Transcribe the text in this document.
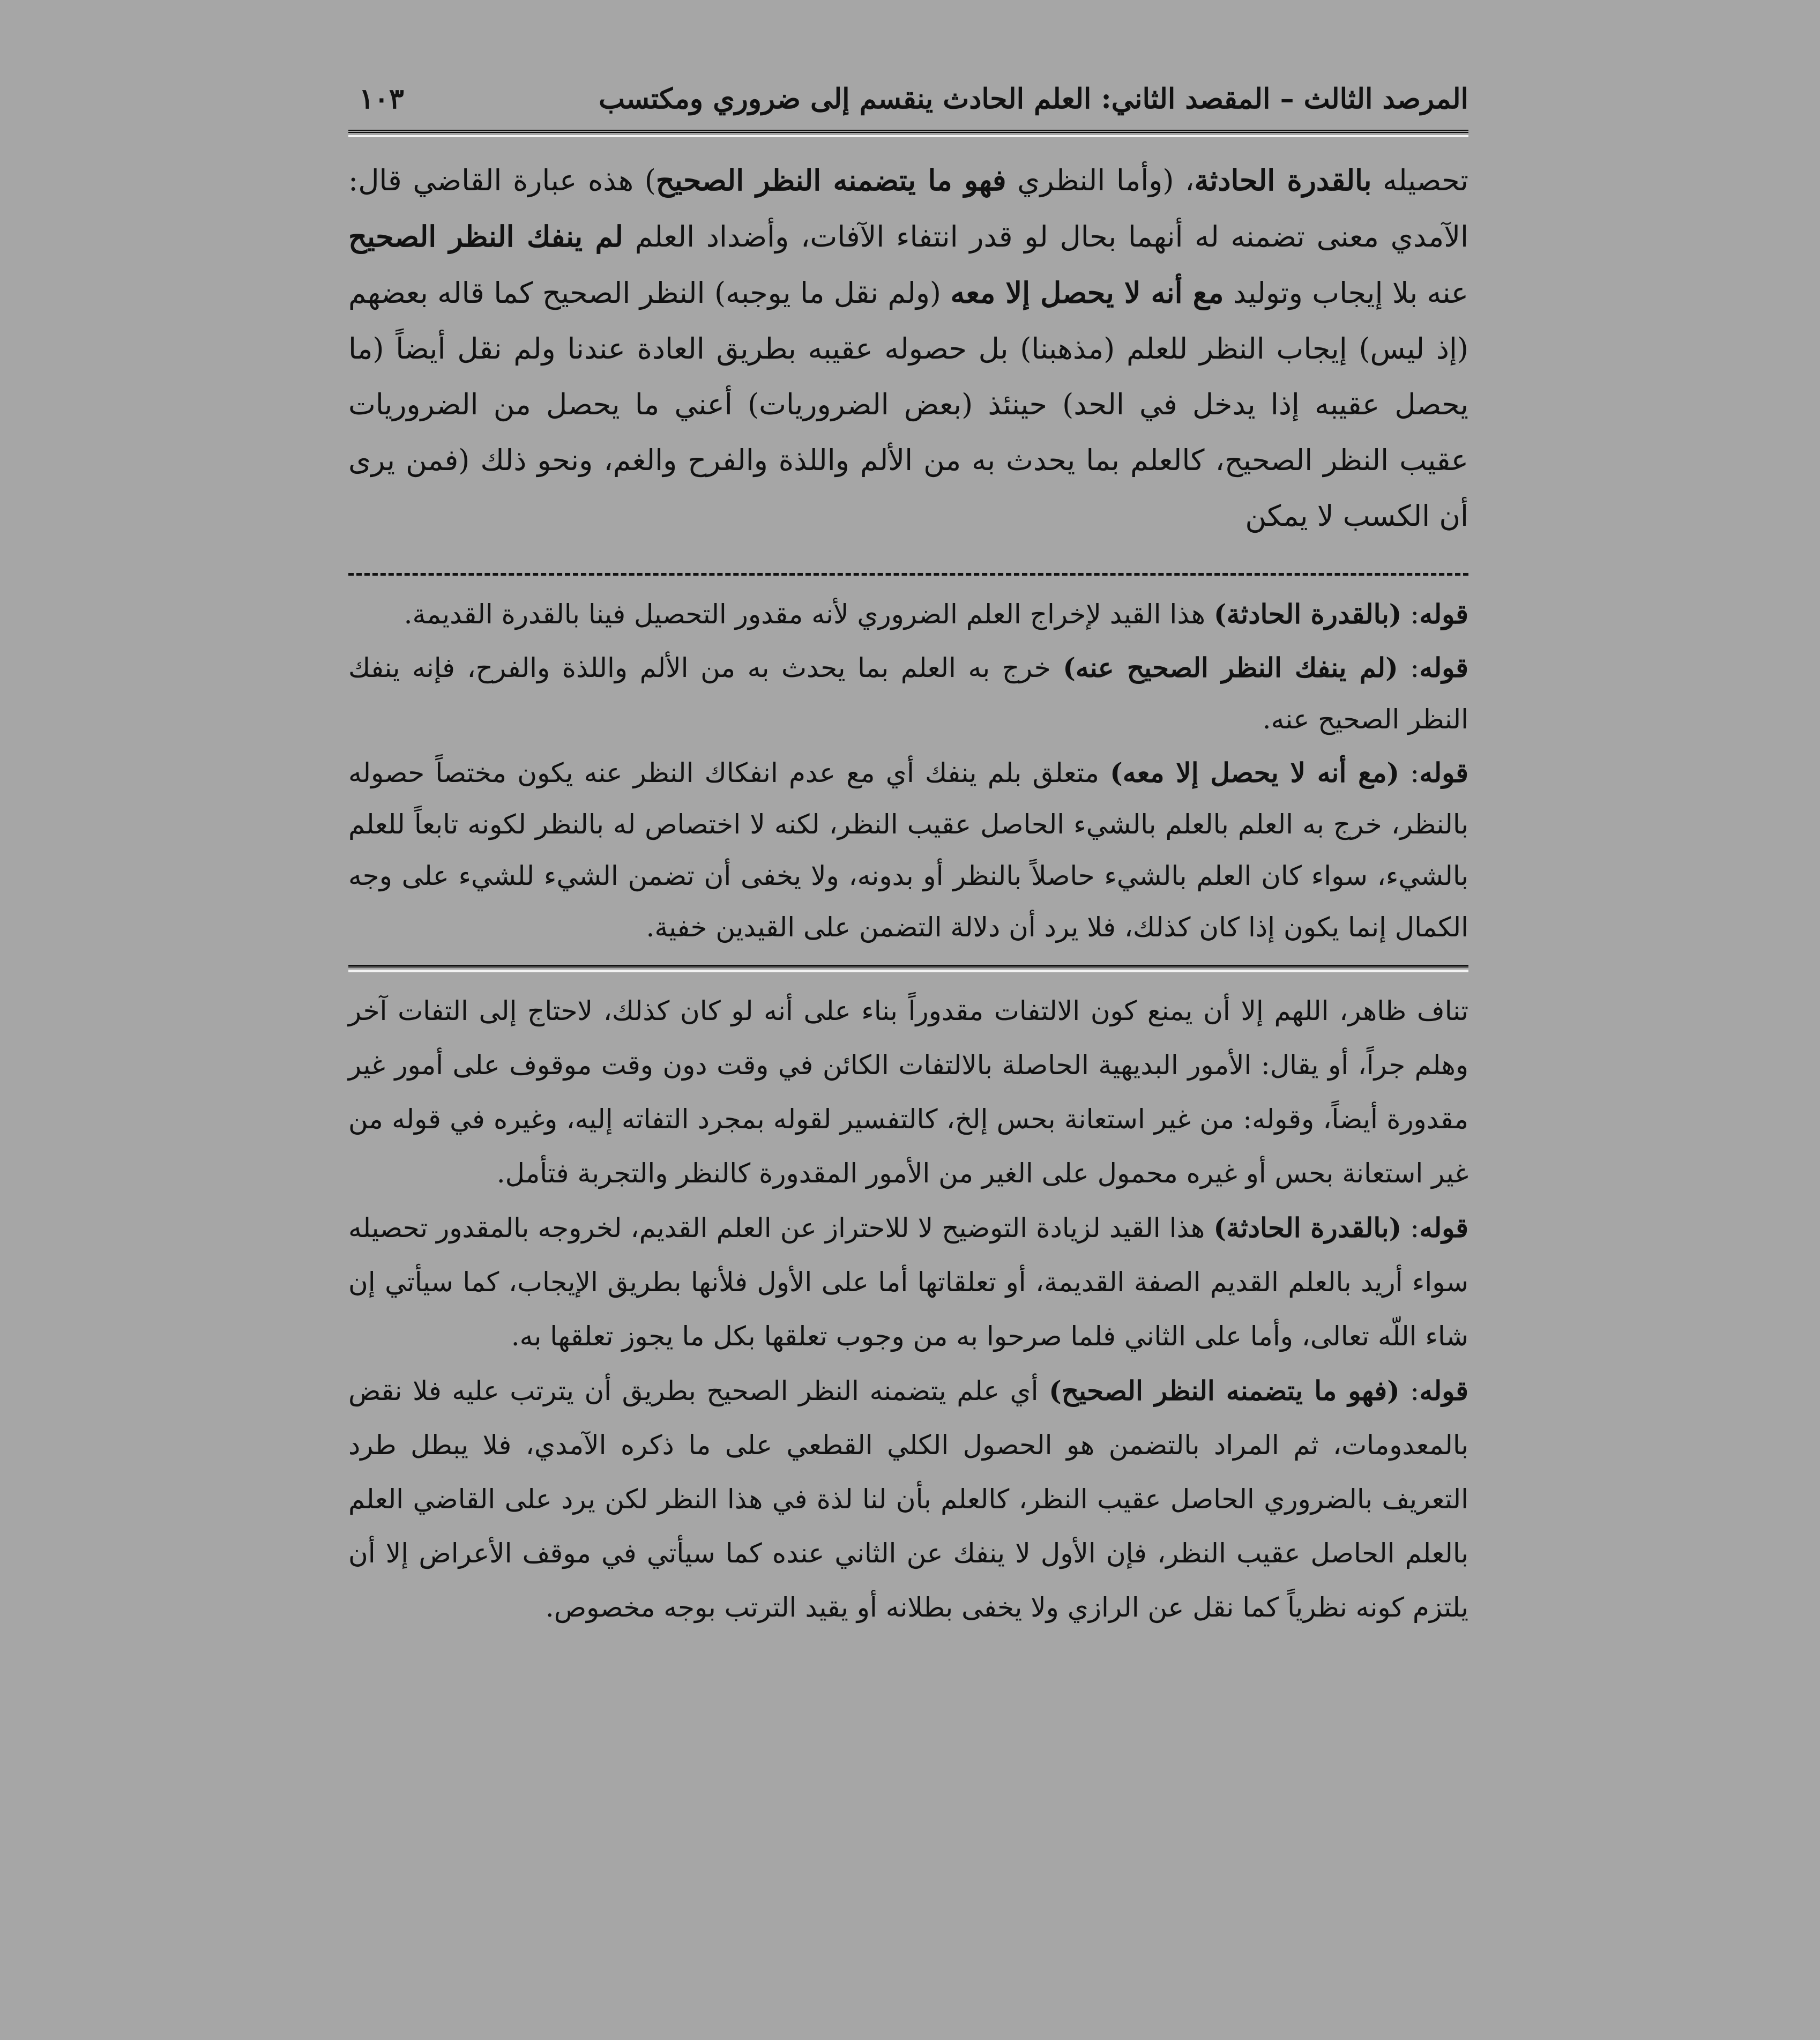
المرصد الثالث – المقصد الثاني: العلم الحادث ينقسم إلى ضروري ومكتسب
١٠٣

تحصيله بالقدرة الحادثة، (وأما النظري فهو ما يتضمنه النظر الصحيح) هذه عبارة القاضي قال: الآمدي معنى تضمنه له أنهما بحال لو قدر انتفاء الآفات، وأضداد العلم لم ينفك النظر الصحيح عنه بلا إيجاب وتوليد مع أنه لا يحصل إلا معه (ولم نقل ما يوجبه) النظر الصحيح كما قاله بعضهم (إذ ليس) إيجاب النظر للعلم (مذهبنا) بل حصوله عقيبه بطريق العادة عندنا ولم نقل أيضاً (ما يحصل عقيبه إذا يدخل في الحد) حينئذ (بعض الضروريات) أعني ما يحصل من الضروريات عقيب النظر الصحيح، كالعلم بما يحدث به من الألم واللذة والفرح والغم، ونحو ذلك (فمن يرى أن الكسب لا يمكن

قوله: (بالقدرة الحادثة) هذا القيد لإخراج العلم الضروري لأنه مقدور التحصيل فينا بالقدرة القديمة.

قوله: (لم ينفك النظر الصحيح عنه) خرج به العلم بما يحدث به من الألم واللذة والفرح، فإنه ينفك النظر الصحيح عنه.

قوله: (مع أنه لا يحصل إلا معه) متعلق بلم ينفك أي مع عدم انفكاك النظر عنه يكون مختصاً حصوله بالنظر، خرج به العلم بالعلم بالشيء الحاصل عقيب النظر، لكنه لا اختصاص له بالنظر لكونه تابعاً للعلم بالشيء، سواء كان العلم بالشيء حاصلاً بالنظر أو بدونه، ولا يخفى أن تضمن الشيء للشيء على وجه الكمال إنما يكون إذا كان كذلك، فلا يرد أن دلالة التضمن على القيدين خفية.

تناف ظاهر، اللهم إلا أن يمنع كون الالتفات مقدوراً بناء على أنه لو كان كذلك، لاحتاج إلى التفات آخر وهلم جراً، أو يقال: الأمور البديهية الحاصلة بالالتفات الكائن في وقت دون وقت موقوف على أمور غير مقدورة أيضاً، وقوله: من غير استعانة بحس إلخ، كالتفسير لقوله بمجرد التفاته إليه، وغيره في قوله من غير استعانة بحس أو غيره محمول على الغير من الأمور المقدورة كالنظر والتجربة فتأمل.

قوله: (بالقدرة الحادثة) هذا القيد لزيادة التوضيح لا للاحتراز عن العلم القديم، لخروجه بالمقدور تحصيله سواء أريد بالعلم القديم الصفة القديمة، أو تعلقاتها أما على الأول فلأنها بطريق الإيجاب، كما سيأتي إن شاء اللّه تعالى، وأما على الثاني فلما صرحوا به من وجوب تعلقها بكل ما يجوز تعلقها به.

قوله: (فهو ما يتضمنه النظر الصحيح) أي علم يتضمنه النظر الصحيح بطريق أن يترتب عليه فلا نقض بالمعدومات، ثم المراد بالتضمن هو الحصول الكلي القطعي على ما ذكره الآمدي، فلا يبطل طرد التعريف بالضروري الحاصل عقيب النظر، كالعلم بأن لنا لذة في هذا النظر لكن يرد على القاضي العلم بالعلم الحاصل عقيب النظر، فإن الأول لا ينفك عن الثاني عنده كما سيأتي في موقف الأعراض إلا أن يلتزم كونه نظرياً كما نقل عن الرازي ولا يخفى بطلانه أو يقيد الترتب بوجه مخصوص.
